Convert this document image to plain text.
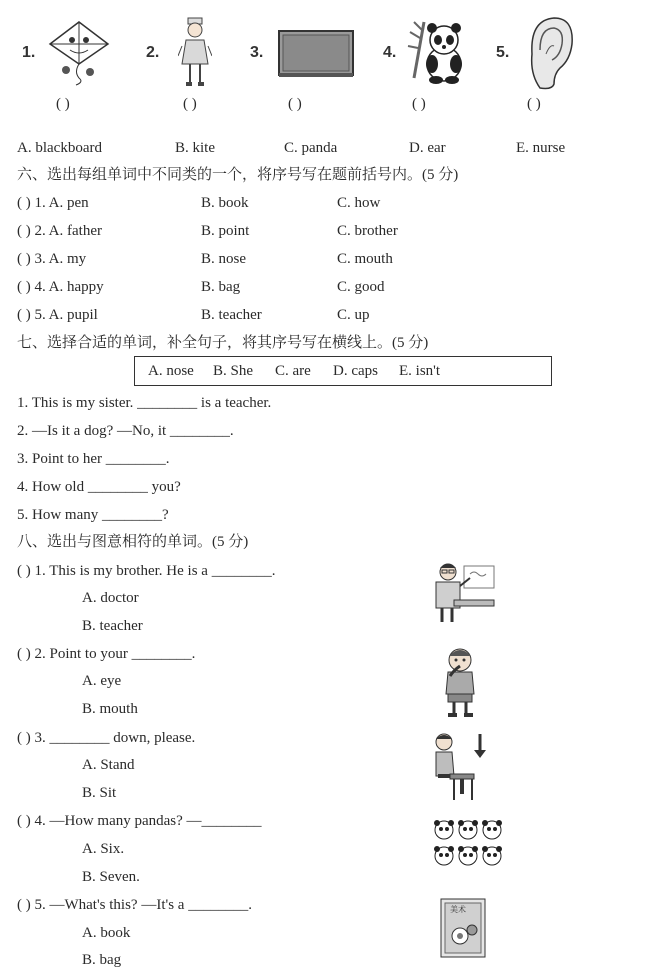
1.	2.	3.	4.	5.
( )	( )	( )	( )	( )
A. blackboard	B. kite	C. panda	D. ear	E. nurse
六、选出每组单词中不同类的一个，将序号写在题前括号内。(5 分)
( ) 1. A. pen	B. book	C. how
( ) 2. A. father	B. point	C. brother
( ) 3. A. my	B. nose	C. mouth
( ) 4. A. happy	B. bag	C. good
( ) 5. A. pupil	B. teacher	C. up
七、选择合适的单词，补全句子，将其序号写在横线上。(5 分)
A. nose B. She C. are D. caps E. isn't
1. This is my sister. ________ is a teacher.
2. —Is it a dog? —No, it ________.
3. Point to her ________.
4. How old ________ you?
5. How many ________?
八、选出与图意相符的单词。(5 分)
( ) 1. This is my brother. He is a ________.
A. doctor
B. teacher
( ) 2. Point to your ________.
A. eye
B. mouth
( ) 3. ________ down, please.
A. Stand
B. Sit
( ) 4. —How many pandas? —________
A. Six.
B. Seven.
( ) 5. —What's this? —It's a ________.
A. book
B. bag
美术
